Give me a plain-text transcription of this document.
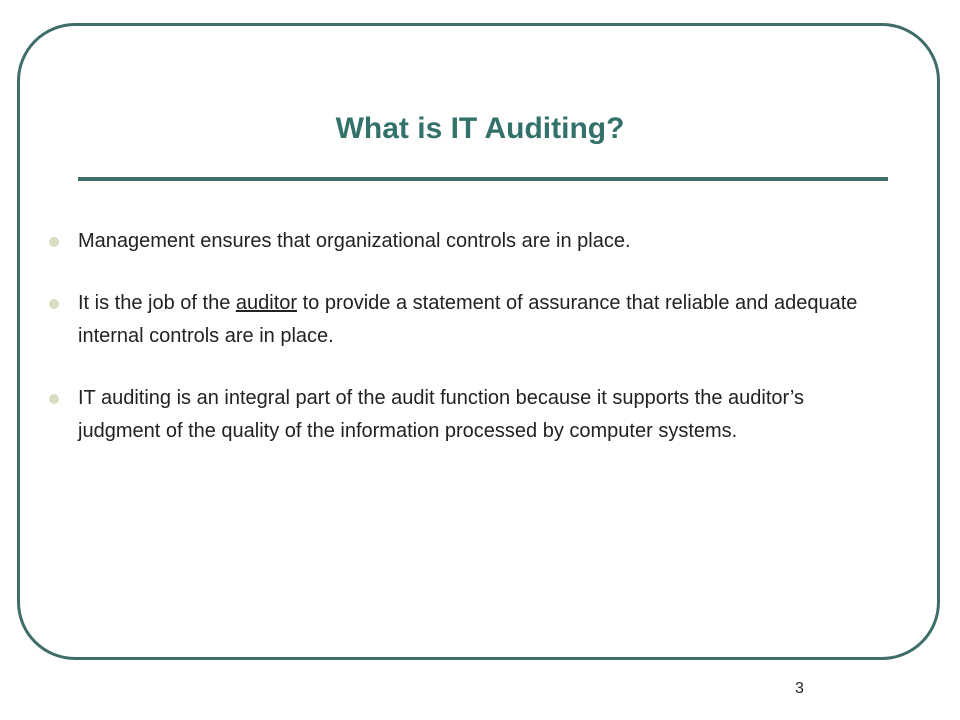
What is IT Auditing?
Management ensures that organizational controls are in place.
It is the job of the auditor to provide a statement of assurance that reliable and adequate internal controls are in place.
IT auditing is an integral part of the audit function because it supports the auditor’s judgment of the quality of the information processed by computer systems.
3
